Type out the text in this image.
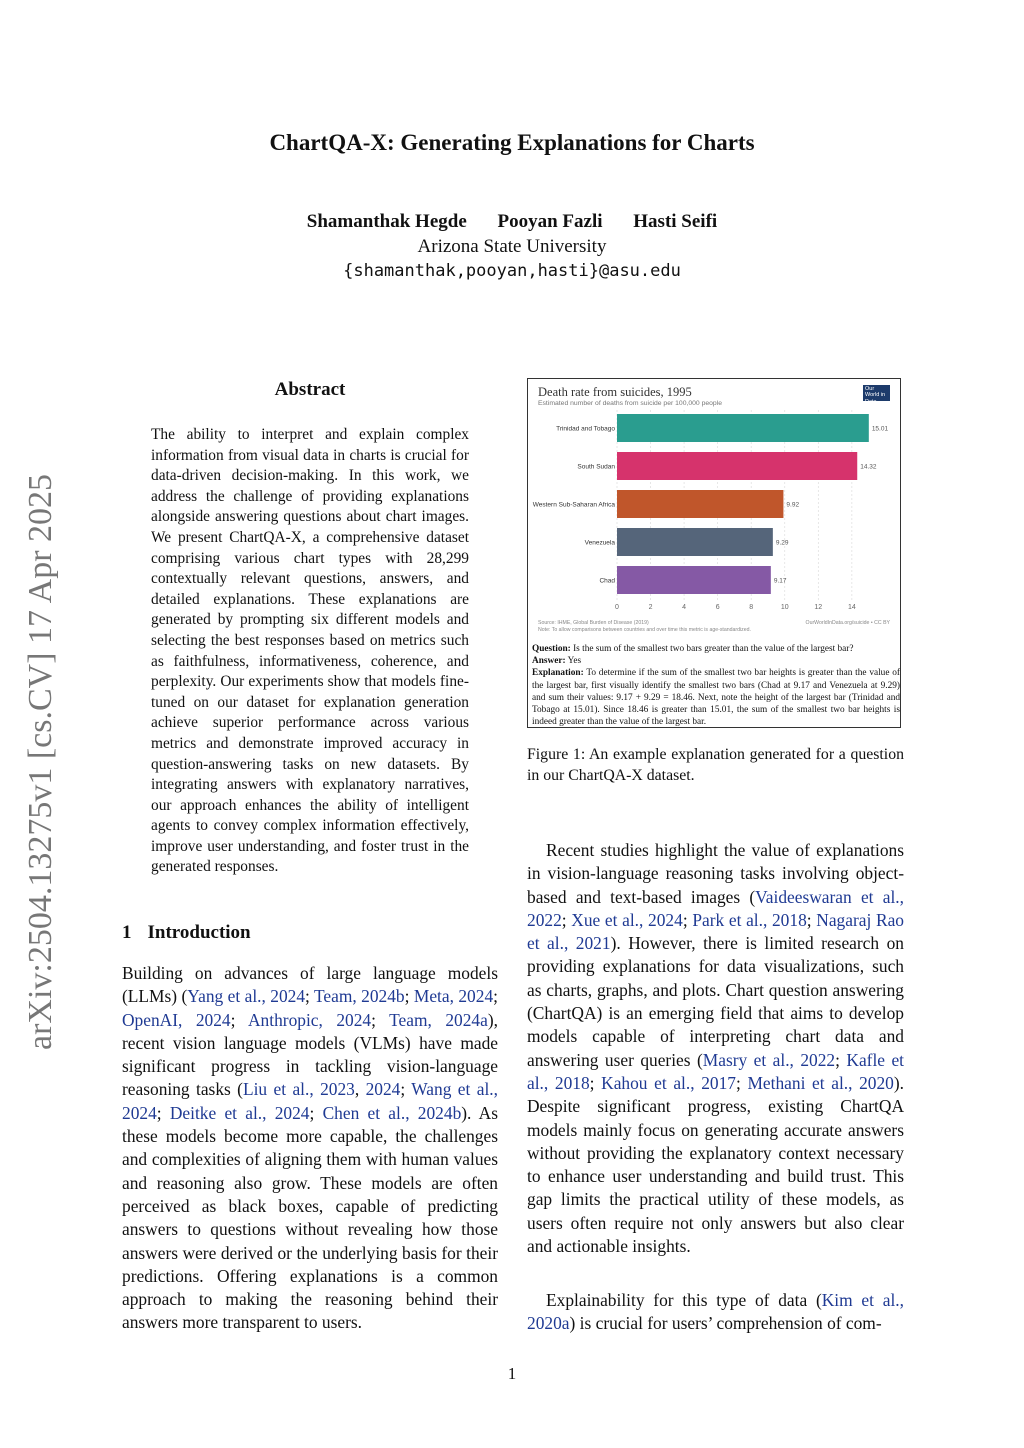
ChartQA-X: Generating Explanations for Charts
Shamanthak Hegde Pooyan Fazli Hasti Seifi
Arizona State University
{shamanthak,pooyan,hasti}@asu.edu
arXiv:2504.13275v1 [cs.CV] 17 Apr 2025
Abstract
The ability to interpret and explain complex information from visual data in charts is crucial for data-driven decision-making. In this work, we address the challenge of providing explanations alongside answering questions about chart images. We present ChartQA-X, a comprehensive dataset comprising various chart types with 28,299 contextually relevant questions, answers, and detailed explanations. These explanations are generated by prompting six different models and selecting the best responses based on metrics such as faithfulness, informativeness, coherence, and perplexity. Our experiments show that models fine-tuned on our dataset for explanation generation achieve superior performance across various metrics and demonstrate improved accuracy in question-answering tasks on new datasets. By integrating answers with explanatory narratives, our approach enhances the ability of intelligent agents to convey complex information effectively, improve user understanding, and foster trust in the generated responses.
1 Introduction
Building on advances of large language models (LLMs) (Yang et al., 2024; Team, 2024b; Meta, 2024; OpenAI, 2024; Anthropic, 2024; Team, 2024a), recent vision language models (VLMs) have made significant progress in tackling vision-language reasoning tasks (Liu et al., 2023, 2024; Wang et al., 2024; Deitke et al., 2024; Chen et al., 2024b). As these models become more capable, the challenges and complexities of aligning them with human values and reasoning also grow. These models are often perceived as black boxes, capable of predicting answers to questions without revealing how those answers were derived or the underlying basis for their predictions. Offering explanations is a common approach to making the reasoning behind their answers more transparent to users.
Death rate from suicides, 1995
Estimated number of deaths from suicide per 100,000 people
Our World in Data
0	2	4	6	8	10	12	14
Trinidad and Tobago	15.01
South Sudan	14.32
Western Sub-Saharan Africa	9.92
Venezuela	9.29
Chad	9.17
Source: IHME, Global Burden of Disease (2019)
Note: To allow comparisons between countries and over time this metric is age-standardized.
OurWorldInData.org/suicide • CC BY
Question: Is the sum of the smallest two bars greater than the value of the largest bar?
Answer: Yes
Explanation: To determine if the sum of the smallest two bar heights is greater than the value of the largest bar, first visually identify the smallest two bars (Chad at 9.17 and Venezuela at 9.29) and sum their values: 9.17 + 9.29 = 18.46. Next, note the height of the largest bar (Trinidad and Tobago at 15.01). Since 18.46 is greater than 15.01, the sum of the smallest two bar heights is indeed greater than the value of the largest bar.
Figure 1: An example explanation generated for a question in our ChartQA-X dataset.
Recent studies highlight the value of explanations in vision-language reasoning tasks involving object-based and text-based images (Vaideeswaran et al., 2022; Xue et al., 2024; Park et al., 2018; Nagaraj Rao et al., 2021). However, there is limited research on providing explanations for data visualizations, such as charts, graphs, and plots. Chart question answering (ChartQA) is an emerging field that aims to develop models capable of interpreting chart data and answering user queries (Masry et al., 2022; Kafle et al., 2018; Kahou et al., 2017; Methani et al., 2020). Despite significant progress, existing ChartQA models mainly focus on generating accurate answers without providing the explanatory context necessary to enhance user understanding and build trust. This gap limits the practical utility of these models, as users often require not only answers but also clear and actionable insights.
Explainability for this type of data (Kim et al., 2020a) is crucial for users’ comprehension of com-
1
